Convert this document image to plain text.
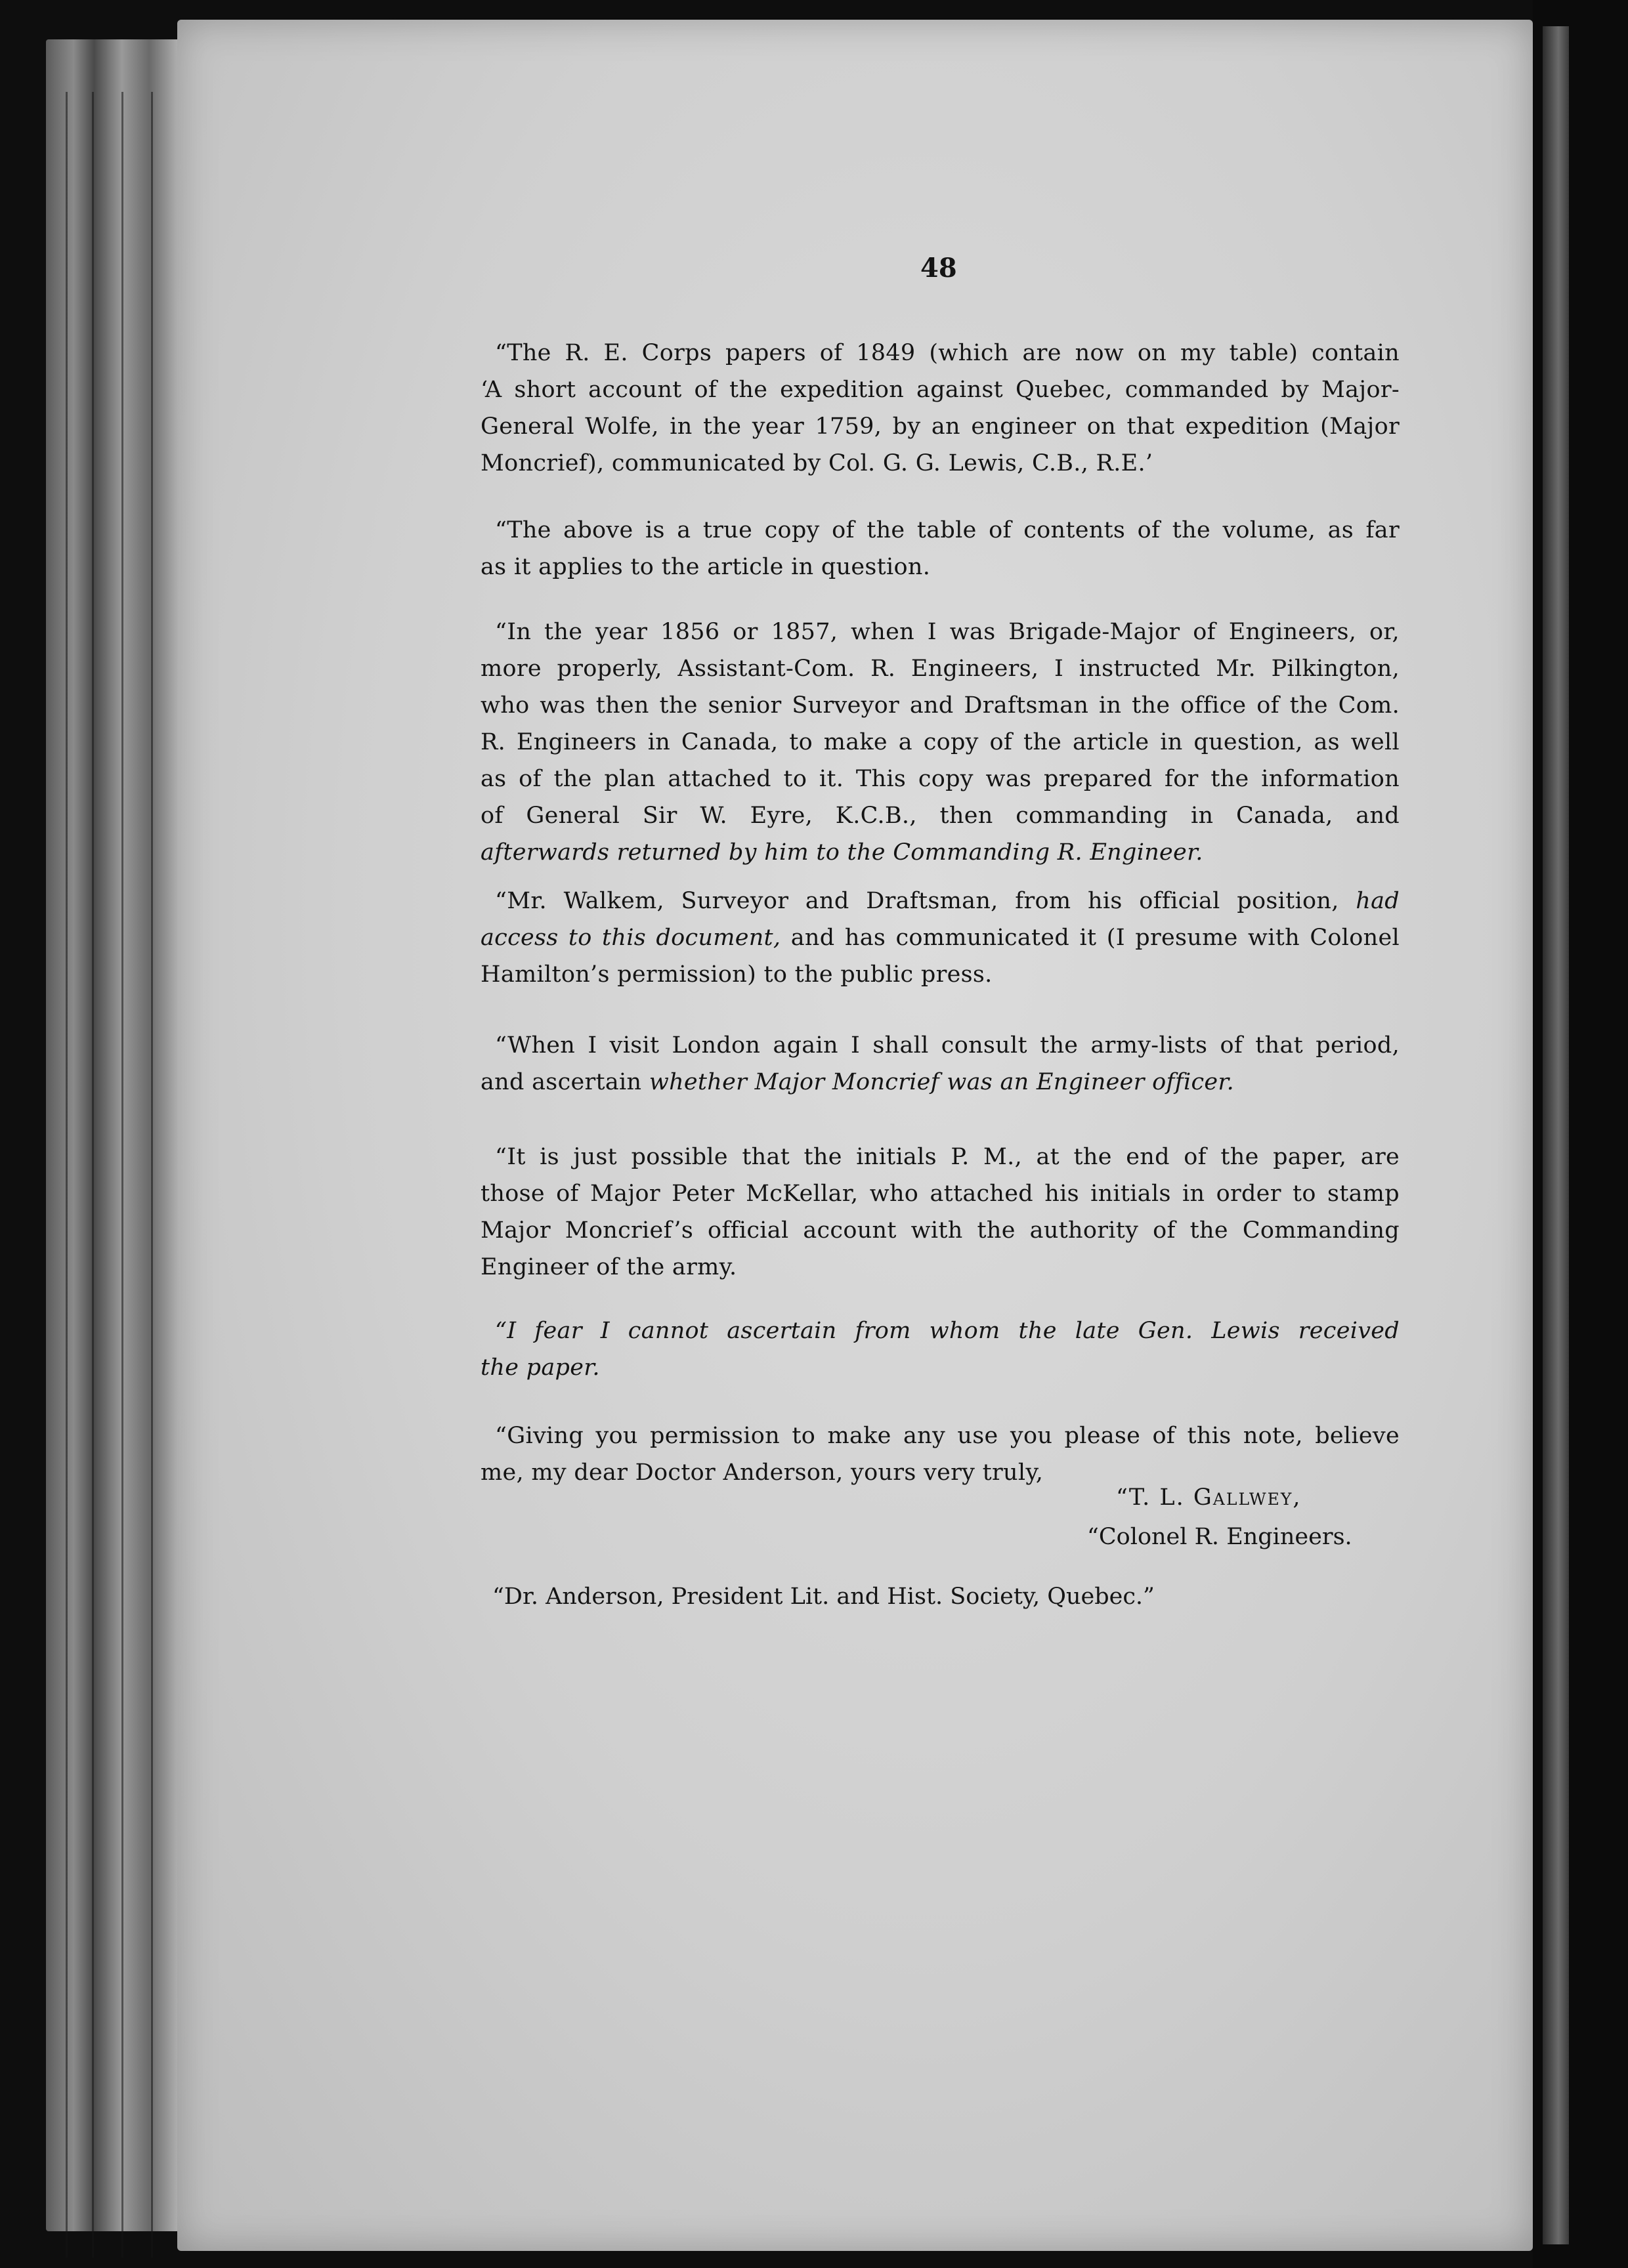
48
“The R. E. Corps papers of 1849 (which are now on my table) contain
‘A short account of the expedition against Quebec, commanded by Major-
General Wolfe, in the year 1759, by an engineer on that expedition (Major
Moncrief), communicated by Col. G. G. Lewis, C.B., R.E.’
“The above is a true copy of the table of contents of the volume, as far
as it applies to the article in question.
“In the year 1856 or 1857, when I was Brigade-Major of Engineers, or,
more properly, Assistant-Com. R. Engineers, I instructed Mr. Pilkington,
who was then the senior Surveyor and Draftsman in the office of the Com.
R. Engineers in Canada, to make a copy of the article in question, as well
as of the plan attached to it. This copy was prepared for the information
of General Sir W. Eyre, K.C.B., then commanding in Canada, and
afterwards returned by him to the Commanding R. Engineer.
“Mr. Walkem, Surveyor and Draftsman, from his official position, had
access to this document, and has communicated it (I presume with Colonel
Hamilton’s permission) to the public press.
“When I visit London again I shall consult the army-lists of that period,
and ascertain whether Major Moncrief was an Engineer officer.
“It is just possible that the initials P. M., at the end of the paper, are
those of Major Peter McKellar, who attached his initials in order to stamp
Major Moncrief’s official account with the authority of the Commanding
Engineer of the army.
“I fear I cannot ascertain from whom the late Gen. Lewis received
the paper.
“Giving you permission to make any use you please of this note, believe
me, my dear Doctor Anderson, yours very truly,
“T. L. Gallwey,
“Colonel R. Engineers.
“Dr. Anderson, President Lit. and Hist. Society, Quebec.”
